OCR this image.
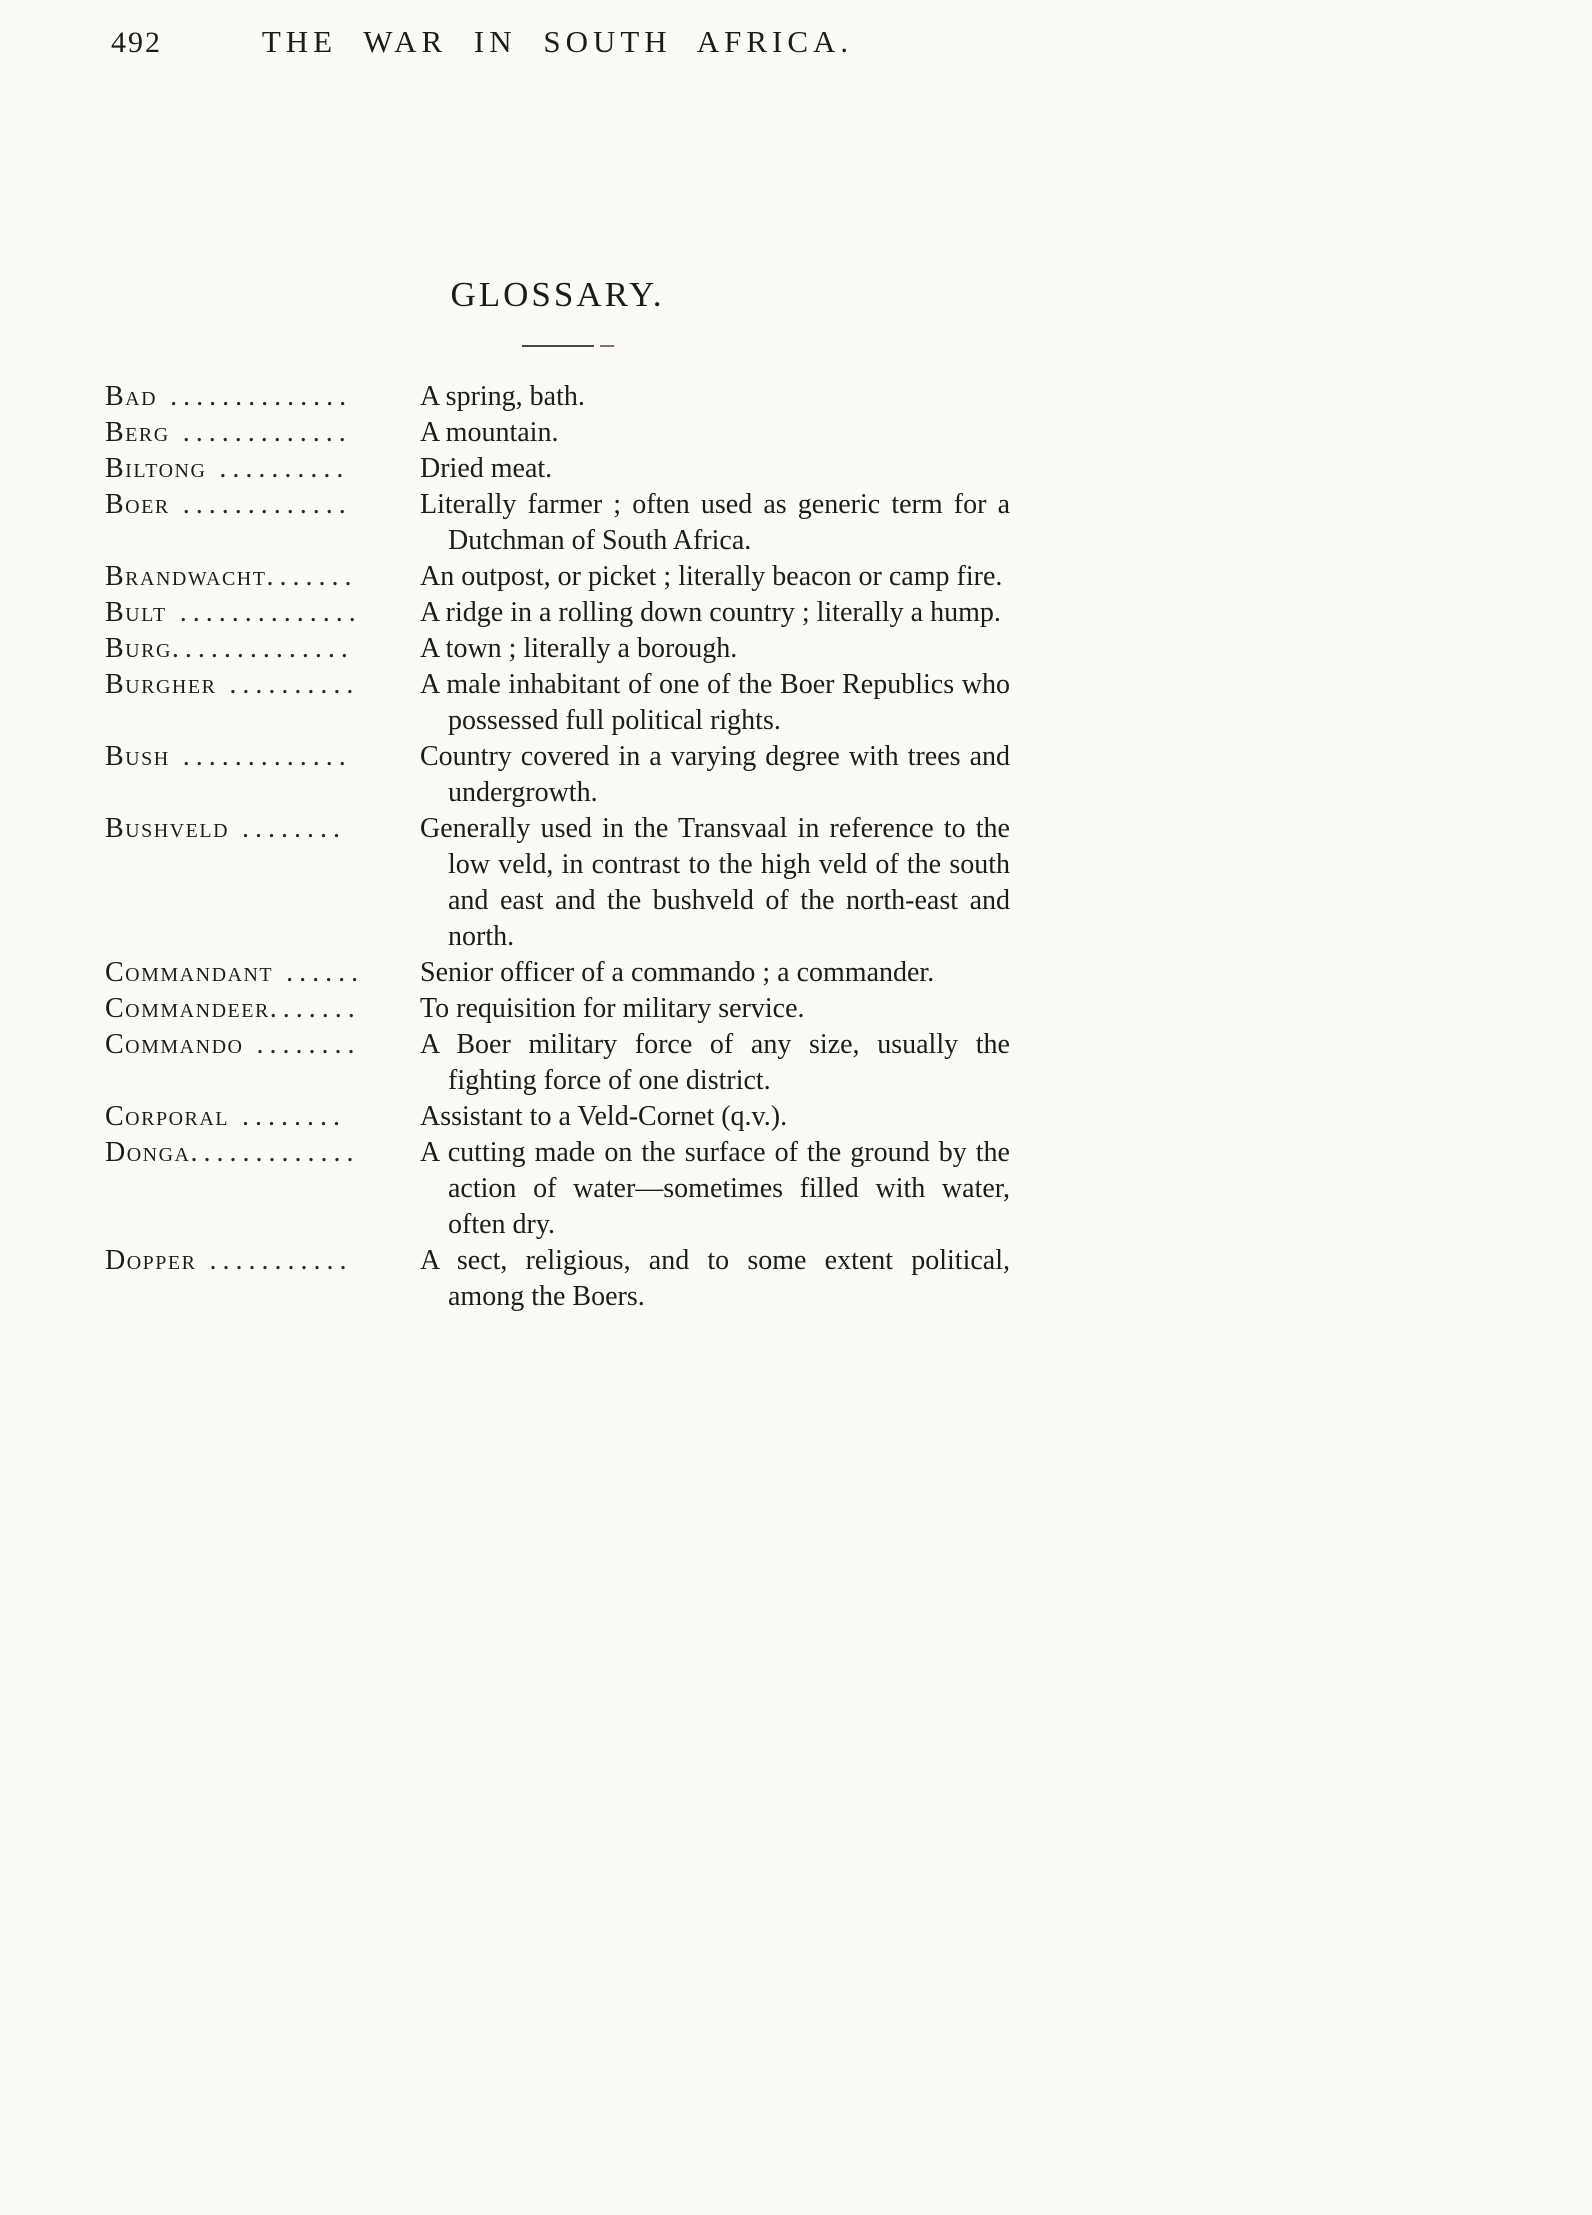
492	THE WAR IN SOUTH AFRICA.
GLOSSARY.
Bad ..............	A spring, bath.
Berg .............	A mountain.
Biltong ..........	Dried meat.
Boer .............	Literally farmer ; often used as generic term for a Dutchman of South Africa.
Brandwacht.......	An outpost, or picket ; literally beacon or camp fire.
Bult ..............	A ridge in a rolling down country ; literally a hump.
Burg..............	A town ; literally a borough.
Burgher ..........	A male inhabitant of one of the Boer Republics who possessed full political rights.
Bush .............	Country covered in a varying degree with trees and undergrowth.
Bushveld ........	Generally used in the Transvaal in reference to the low veld, in contrast to the high veld of the south and east and the bushveld of the north-east and north.
Commandant ......	Senior officer of a commando ; a commander.
Commandeer.......	To requisition for military service.
Commando ........	A Boer military force of any size, usually the fighting force of one district.
Corporal ........	Assistant to a Veld-Cornet (q.v.).
Donga.............	A cutting made on the surface of the ground by the action of water—sometimes filled with water, often dry.
Dopper ...........	A sect, religious, and to some extent political, among the Boers.
